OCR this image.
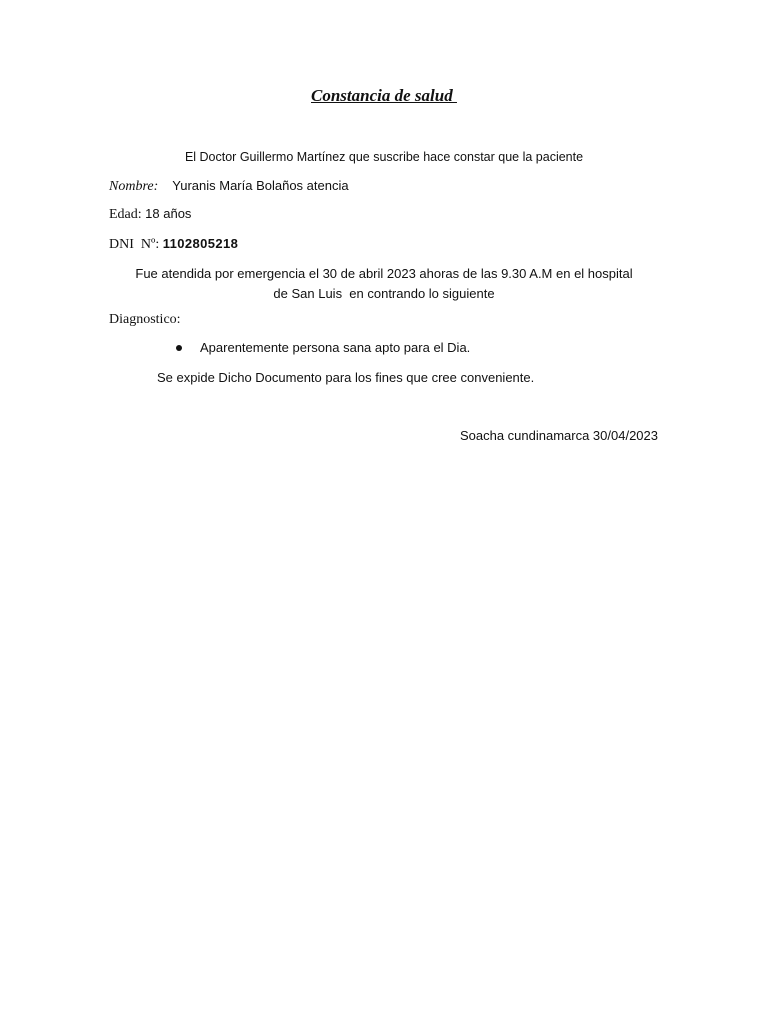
Constancia de salud
El Doctor Guillermo Martínez que suscribe hace constar que la paciente
Nombre: Yuranis María Bolaños atencia
Edad: 18 años
DNI  Nº: 1102805218
Fue atendida por emergencia el 30 de abril 2023 ahoras de las 9.30 A.M en el hospital
de San Luis  en contrando lo siguiente
Diagnostico:
Aparentemente persona sana apto para el Dia.
Se expide Dicho Documento para los fines que cree conveniente.
Soacha cundinamarca 30/04/2023
